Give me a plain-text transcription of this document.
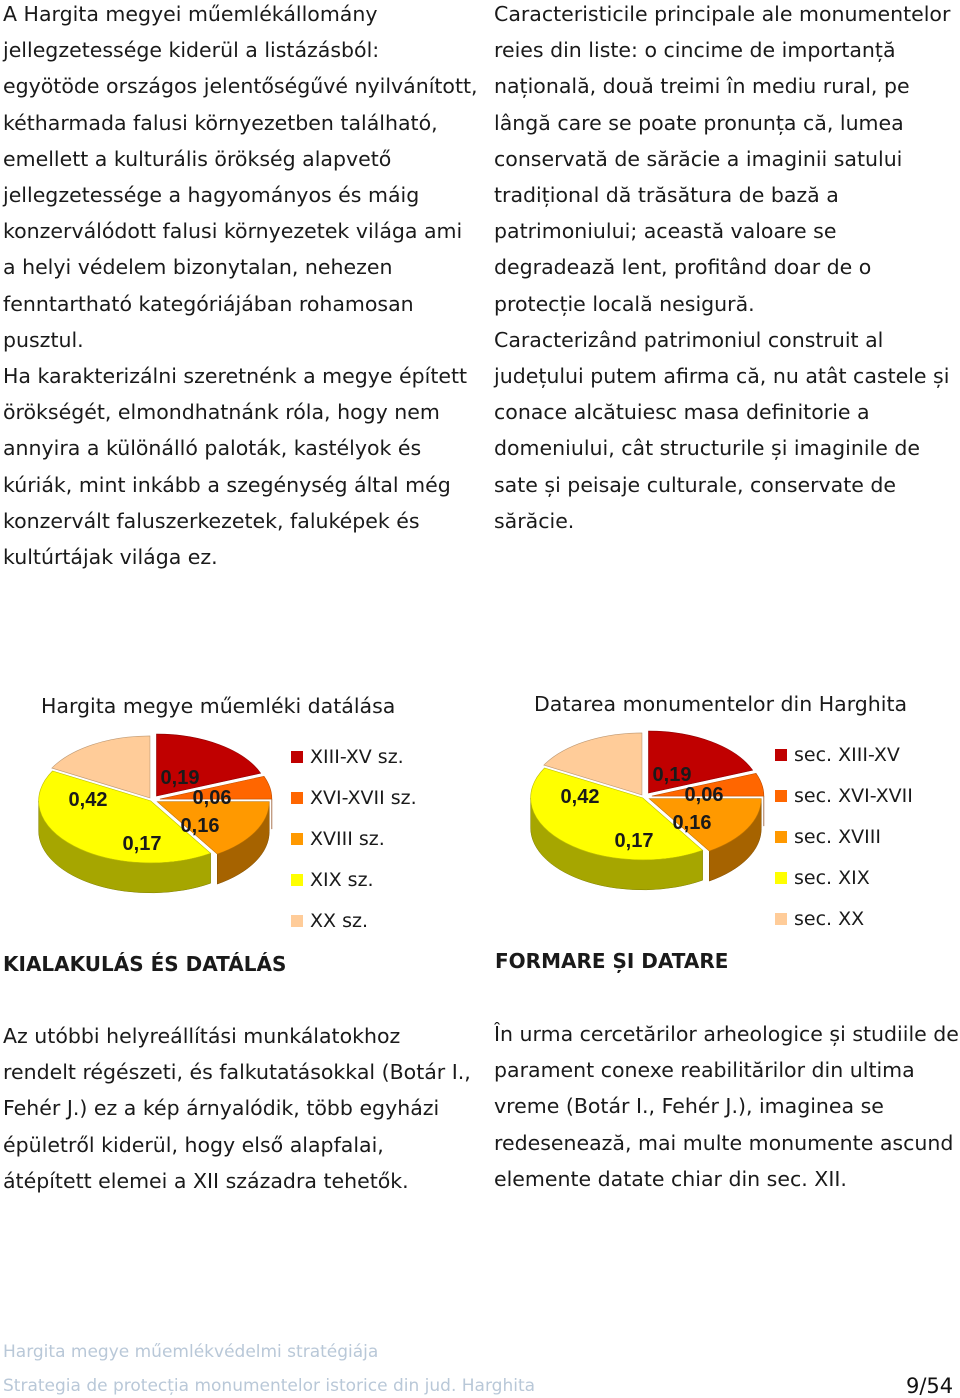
A Hargita megyei műemlékállomány jellegzetessége kiderül a listázásból: egyötöde országos jelentőségűvé nyilvánított, kétharmada falusi környezetben található, emellett a kulturális örökség alapvető jellegzetessége a hagyományos és máig konzerválódott falusi környezetek világa ami a helyi védelem bizonytalan, nehezen fenntartható kategóriájában rohamosan pusztul.

Ha karakterizálni szeretnénk a megye épített örökségét, elmondhatnánk róla, hogy nem annyira a különálló paloták, kastélyok és kúriák, mint inkább a szegénység által még konzervált faluszerkezetek, faluképek és kultúrtájak világa ez.

Caracteristicile principale ale monumentelor reies din liste: o cincime de importanță națională, două treimi în mediu rural, pe lângă care se poate pronunța că, lumea conservată de sărăcie a imaginii satului tradițional dă trăsătura de bază a patrimoniului; această valoare se degradează lent, profitând doar de o protecție locală nesigură.

Caracterizând patrimoniul construit al județului putem afirma că, nu atât castele și conace alcătuiesc masa definitorie a domeniului, cât structurile și imaginile de sate și peisaje culturale, conservate de sărăcie.

Hargita megye műemléki datálása
0,19
0,06
0,16
0,42
0,17
XIII-XV sz.
XVI-XVII sz.
XVIII sz.
XIX sz.
XX sz.
Datarea monumentelor din Harghita
0,19
0,06
0,16
0,42
0,17
sec. XIII-XV
sec. XVI-XVII
sec. XVIII
sec. XIX
sec. XX
KIALAKULÁS ÉS DATÁLÁS	FORMARE ȘI DATARE
Az utóbbi helyreállítási munkálatokhoz rendelt régészeti, és falkutatásokkal (Botár I., Fehér J.) ez a kép árnyalódik, több egyházi épületről kiderül, hogy első alapfalai, átépített elemei a XII századra tehetők.
În urma cercetărilor arheologice și studiile de parament conexe reabilitărilor din ultima vreme (Botár I., Fehér J.), imaginea se redesenează, mai multe monumente ascund elemente datate chiar din sec. XII.
Hargita megye műemlékvédelmi stratégiája
Strategia de protecția monumentelor istorice din jud. Harghita	9/54
